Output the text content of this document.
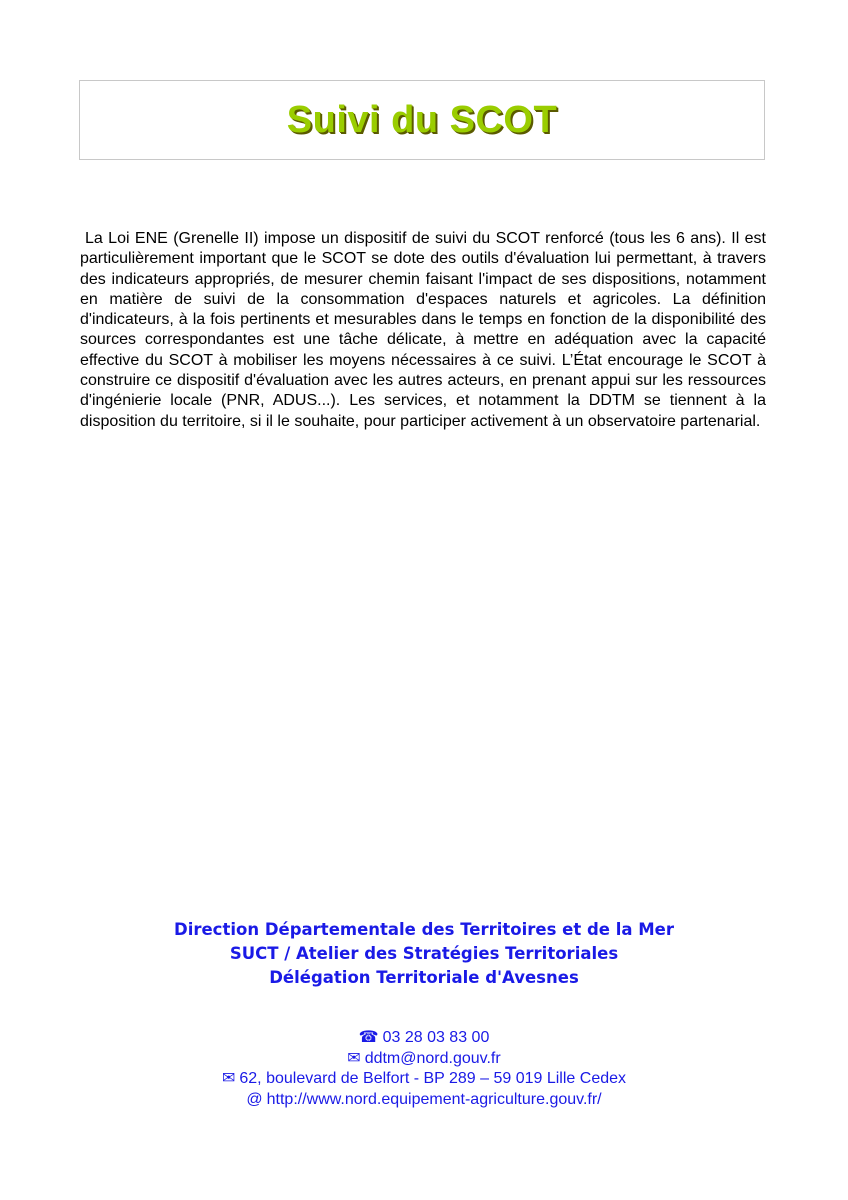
Suivi du SCOT

La Loi ENE (Grenelle II) impose un dispositif de suivi du SCOT renforcé (tous les 6 ans). Il est particulièrement important que le SCOT se dote des outils d'évaluation lui permettant, à travers des indicateurs appropriés, de mesurer chemin faisant l'impact de ses dispositions, notamment en matière de suivi de la consommation d'espaces naturels et agricoles. La définition d'indicateurs, à la fois pertinents et mesurables dans le temps en fonction de la disponibilité des sources correspondantes est une tâche délicate, à mettre en adéquation avec la capacité effective du SCOT à mobiliser les moyens nécessaires à ce suivi. L’État encourage le SCOT à construire ce dispositif d'évaluation avec les autres acteurs, en prenant appui sur les ressources d'ingénierie locale (PNR, ADUS...). Les services, et notamment la DDTM se tiennent à la disposition du territoire, si il le souhaite, pour participer activement à un observatoire partenarial.

Direction Départementale des Territoires et de la Mer
SUCT / Atelier des Stratégies Territoriales
Délégation Territoriale d'Avesnes
☎ 03 28 03 83 00
✉ ddtm@nord.gouv.fr
✉ 62, boulevard de Belfort - BP 289 – 59 019 Lille Cedex
@ http://www.nord.equipement-agriculture.gouv.fr/
